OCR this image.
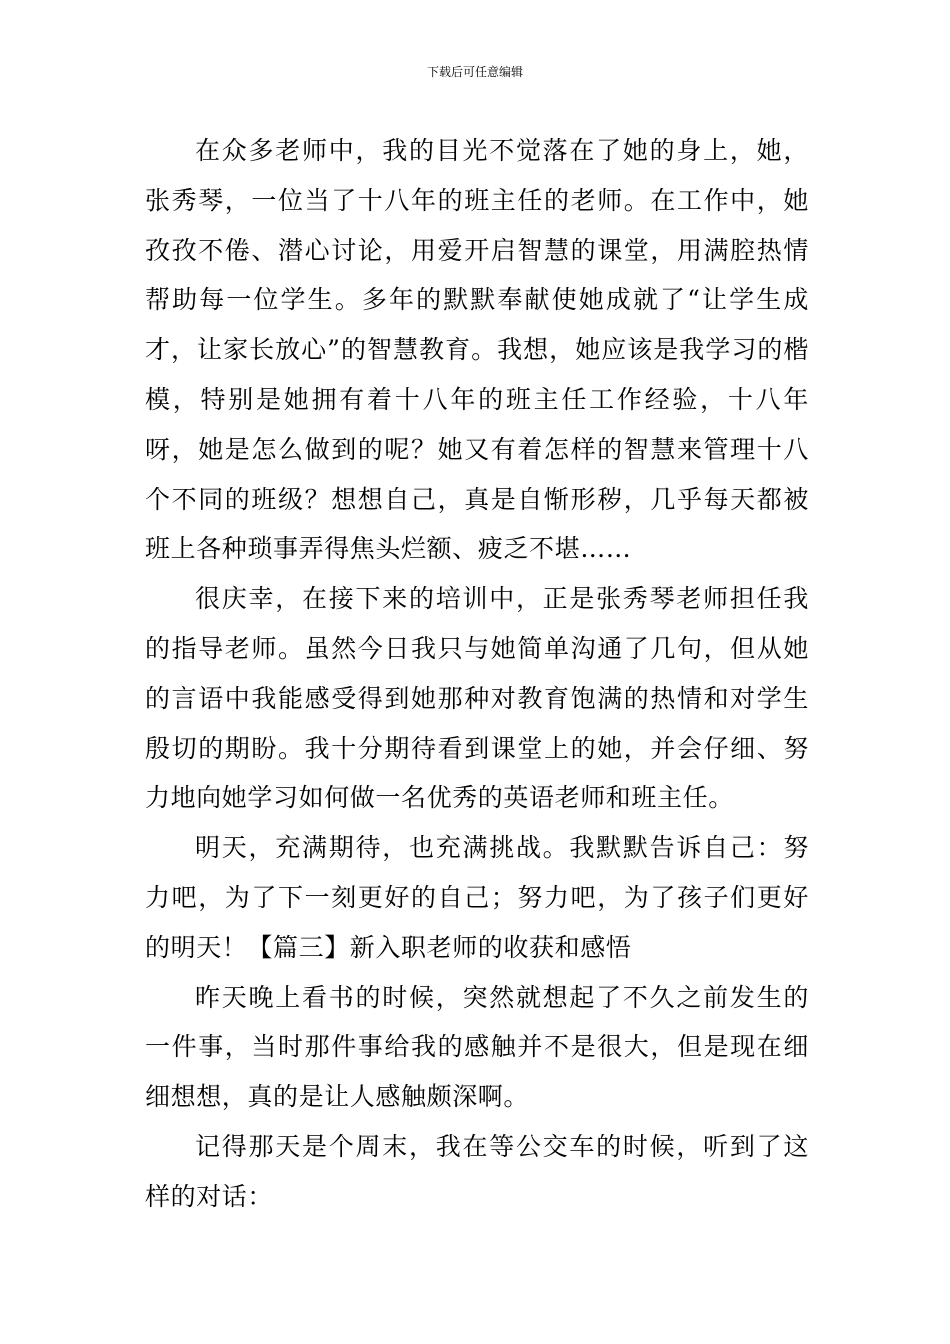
下载后可任意编辑

在众多老师中，我的目光不觉落在了她的身上，她，张秀琴，一位当了十八年的班主任的老师。在工作中，她孜孜不倦、潜心讨论，用爱开启智慧的课堂，用满腔热情帮助每一位学生。多年的默默奉献使她成就了“让学生成才，让家长放心”的智慧教育。我想，她应该是我学习的楷模，特别是她拥有着十八年的班主任工作经验，十八年呀，她是怎么做到的呢？她又有着怎样的智慧来管理十八个不同的班级？想想自己，真是自惭形秽，几乎每天都被班上各种琐事弄得焦头烂额、疲乏不堪……

很庆幸，在接下来的培训中，正是张秀琴老师担任我的指导老师。虽然今日我只与她简单沟通了几句，但从她的言语中我能感受得到她那种对教育饱满的热情和对学生殷切的期盼。我十分期待看到课堂上的她，并会仔细、努力地向她学习如何做一名优秀的英语老师和班主任。

明天，充满期待，也充满挑战。我默默告诉自己：努力吧，为了下一刻更好的自己；努力吧，为了孩子们更好的明天！【篇三】新入职老师的收获和感悟

昨天晚上看书的时候，突然就想起了不久之前发生的一件事，当时那件事给我的感触并不是很大，但是现在细细想想，真的是让人感触颇深啊。

记得那天是个周末，我在等公交车的时候，听到了这样的对话：
